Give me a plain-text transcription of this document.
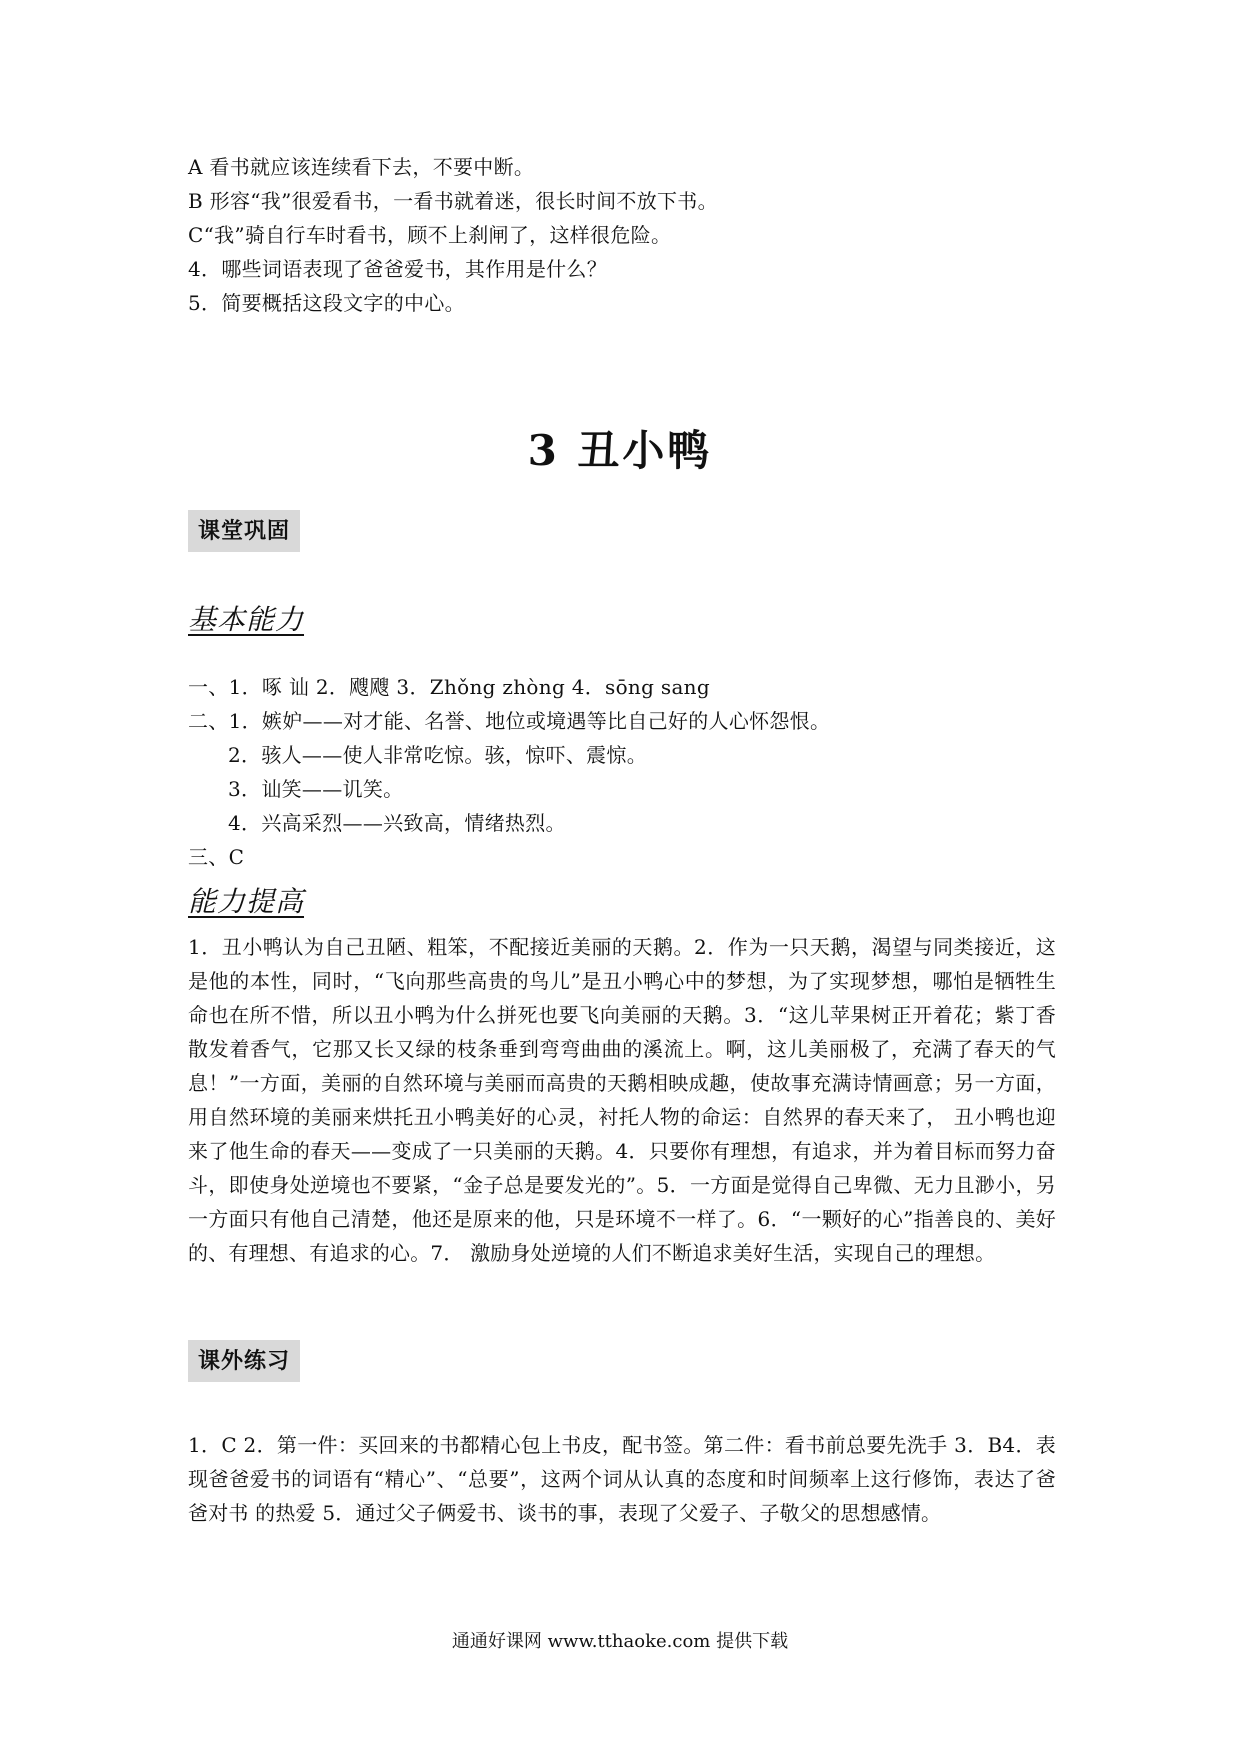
A 看书就应该连续看下去，不要中断。
B 形容“我”很爱看书，一看书就着迷，很长时间不放下书。
C“我”骑自行车时看书，顾不上刹闸了，这样很危险。
4．哪些词语表现了爸爸爱书，其作用是什么？
5．简要概括这段文字的中心。
3 丑小鸭
课堂巩固
基本能力
一、1．啄 讪 2．飕飕 3．Zhǒng zhòng 4．sōng sang
二、1．嫉妒——对才能、名誉、地位或境遇等比自己好的人心怀怨恨。
2．骇人——使人非常吃惊。骇，惊吓、震惊。
3．讪笑——讥笑。
4．兴高采烈——兴致高，情绪热烈。
三、C
能力提高
1．丑小鸭认为自己丑陋、粗笨，不配接近美丽的天鹅。2．作为一只天鹅，渴望与同类接近，这是他的本性，同时，“飞向那些高贵的鸟儿”是丑小鸭心中的梦想，为了实现梦想，哪怕是牺牲生命也在所不惜，所以丑小鸭为什么拼死也要飞向美丽的天鹅。3．“这儿苹果树正开着花；紫丁香散发着香气，它那又长又绿的枝条垂到弯弯曲曲的溪流上。啊，这儿美丽极了，充满了春天的气息！”一方面，美丽的自然环境与美丽而高贵的天鹅相映成趣，使故事充满诗情画意；另一方面，用自然环境的美丽来烘托丑小鸭美好的心灵，衬托人物的命运：自然界的春天来了， 丑小鸭也迎来了他生命的春天——变成了一只美丽的天鹅。4．只要你有理想，有追求，并为着目标而努力奋斗，即使身处逆境也不要紧，“金子总是要发光的”。5．一方面是觉得自己卑微、无力且渺小，另一方面只有他自己清楚，他还是原来的他，只是环境不一样了。6．“一颗好的心”指善良的、美好的、有理想、有追求的心。7． 激励身处逆境的人们不断追求美好生活，实现自己的理想。
课外练习
1．C 2．第一件：买回来的书都精心包上书皮，配书签。第二件：看书前总要先洗手 3．B4．表现爸爸爱书的词语有“精心”、“总要”，这两个词从认真的态度和时间频率上这行修饰，表达了爸爸对书 的热爱 5．通过父子俩爱书、谈书的事，表现了父爱子、子敬父的思想感情。
通通好课网 www.tthaoke.com 提供下载
